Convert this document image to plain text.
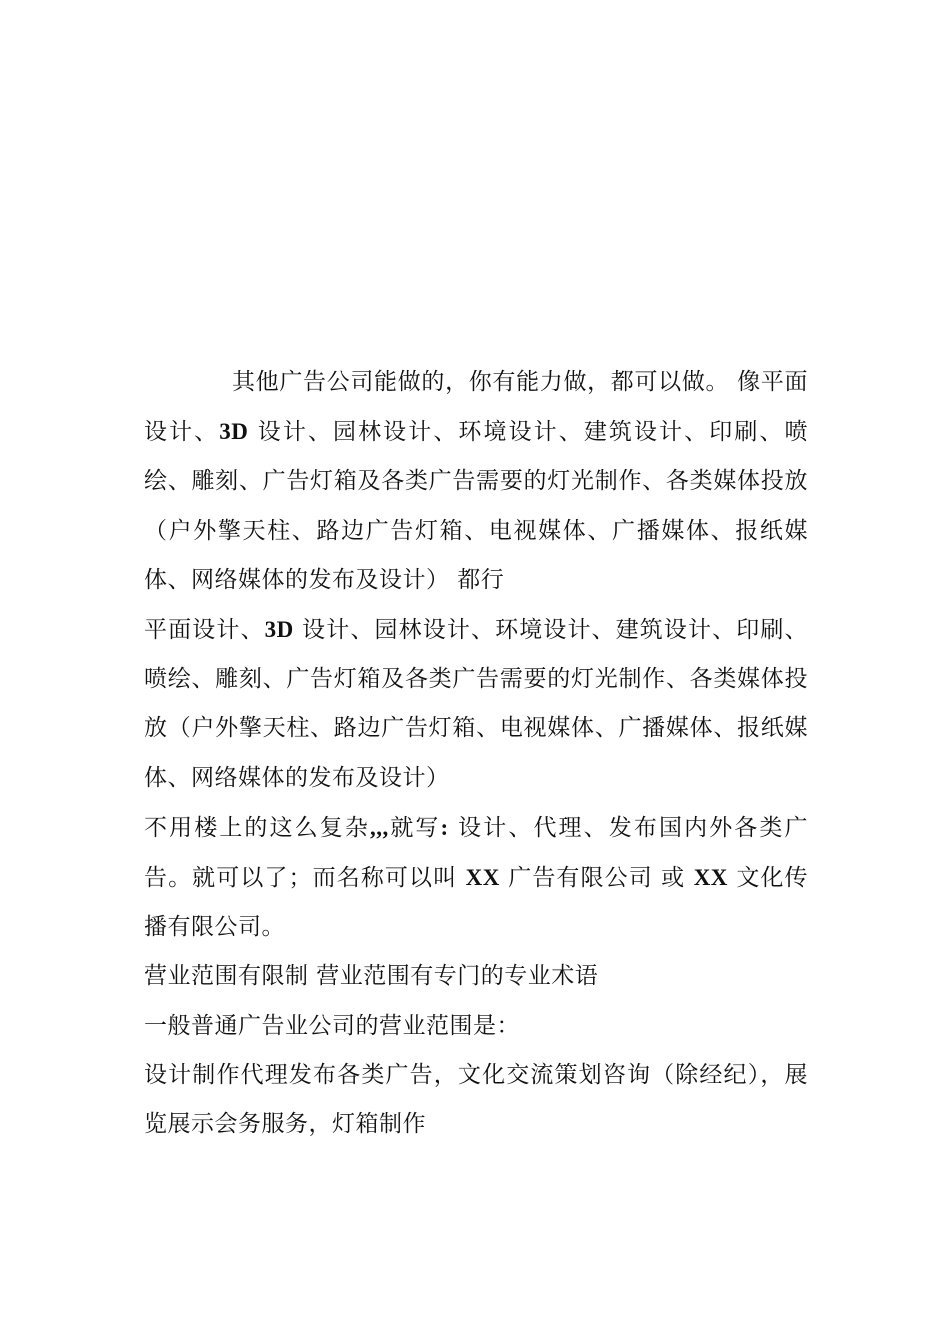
其他广告公司能做的，你有能力做，都可以做。 像平面设计、3D 设计、园林设计、环境设计、建筑设计、印刷、喷绘、雕刻、广告灯箱及各类广告需要的灯光制作、各类媒体投放（户外擎天柱、路边广告灯箱、电视媒体、广播媒体、报纸媒体、网络媒体的发布及设计） 都行

平面设计、3D 设计、园林设计、环境设计、建筑设计、印刷、喷绘、雕刻、广告灯箱及各类广告需要的灯光制作、各类媒体投放（户外擎天柱、路边广告灯箱、电视媒体、广播媒体、报纸媒体、网络媒体的发布及设计）

不用楼上的这么复杂,,,就写: 设计、代理、发布国内外各类广告。就可以了；而名称可以叫 XX 广告有限公司 或 XX 文化传播有限公司。

营业范围有限制 营业范围有专门的专业术语

一般普通广告业公司的营业范围是：

设计制作代理发布各类广告，文化交流策划咨询（除经纪），展览展示会务服务，灯箱制作
